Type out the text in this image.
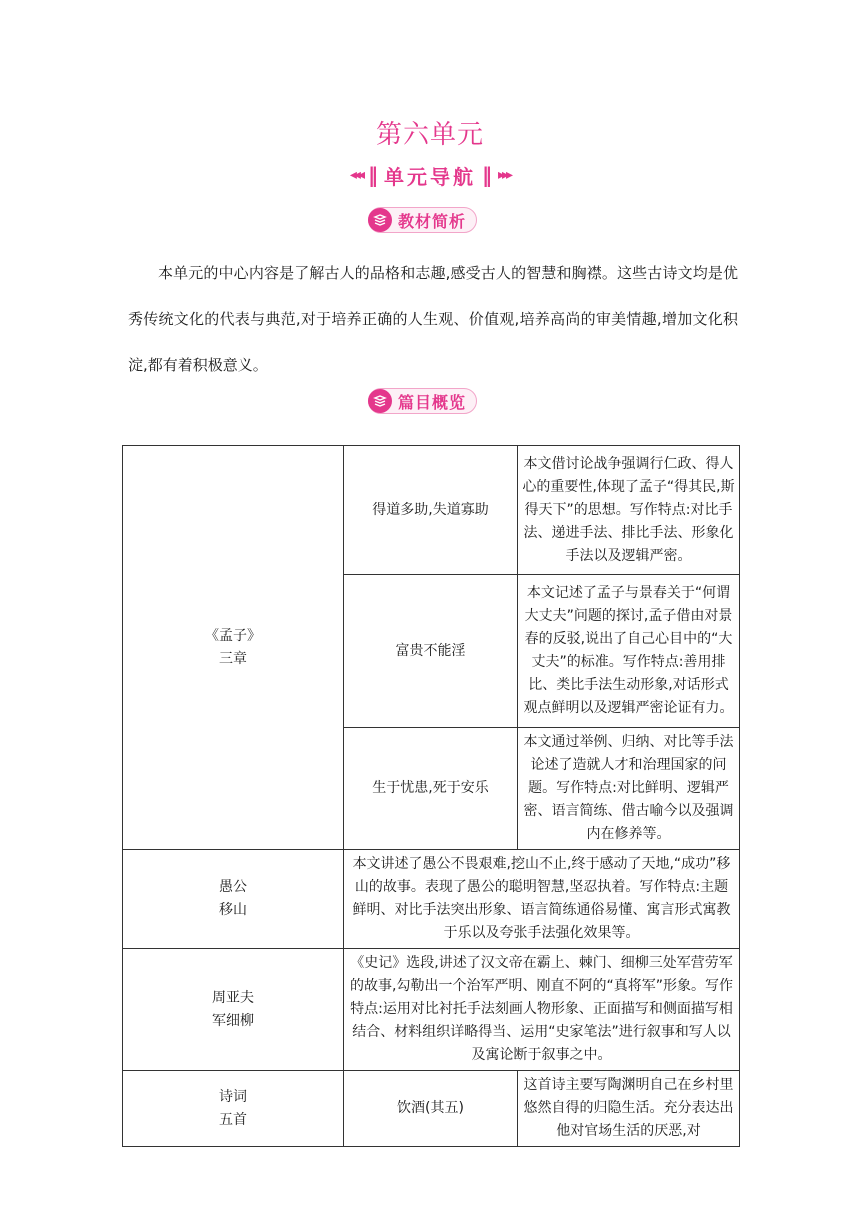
第六单元
◂◂◂ ‖ 单元导航 ‖ ▸▸▸
教材简析
本单元的中心内容是了解古人的品格和志趣,感受古人的智慧和胸襟。这些古诗文均是优秀传统文化的代表与典范,对于培养正确的人生观、价值观,培养高尚的审美情趣,增加文化积淀,都有着积极意义。
篇目概览
《孟子》
三章	得道多助,失道寡助	本文借讨论战争强调行仁政、得人心的重要性,体现了孟子“得其民,斯得天下”的思想。写作特点:对比手法、递进手法、排比手法、形象化手法以及逻辑严密。
	富贵不能淫	本文记述了孟子与景春关于“何谓大丈夫”问题的探讨,孟子借由对景春的反驳,说出了自己心目中的“大丈夫”的标准。写作特点:善用排比、类比手法生动形象,对话形式观点鲜明以及逻辑严密论证有力。
	生于忧患,死于安乐	本文通过举例、归纳、对比等手法论述了造就人才和治理国家的问题。写作特点:对比鲜明、逻辑严密、语言简练、借古喻今以及强调内在修养等。

愚公
移山	本文讲述了愚公不畏艰难,挖山不止,终于感动了天地,“成功”移山的故事。表现了愚公的聪明智慧,坚忍执着。写作特点:主题鲜明、对比手法突出形象、语言简练通俗易懂、寓言形式寓教于乐以及夸张手法强化效果等。	

周亚夫
军细柳	《史记》选段,讲述了汉文帝在霸上、棘门、细柳三处军营劳军的故事,勾勒出一个治军严明、刚直不阿的“真将军”形象。写作特点:运用对比衬托手法刻画人物形象、正面描写和侧面描写相结合、材料组织详略得当、运用“史家笔法”进行叙事和写人以及寓论断于叙事之中。	

诗词
五首	饮酒(其五)	这首诗主要写陶渊明自己在乡村里悠然自得的归隐生活。充分表达出他对官场生活的厌恶,对
